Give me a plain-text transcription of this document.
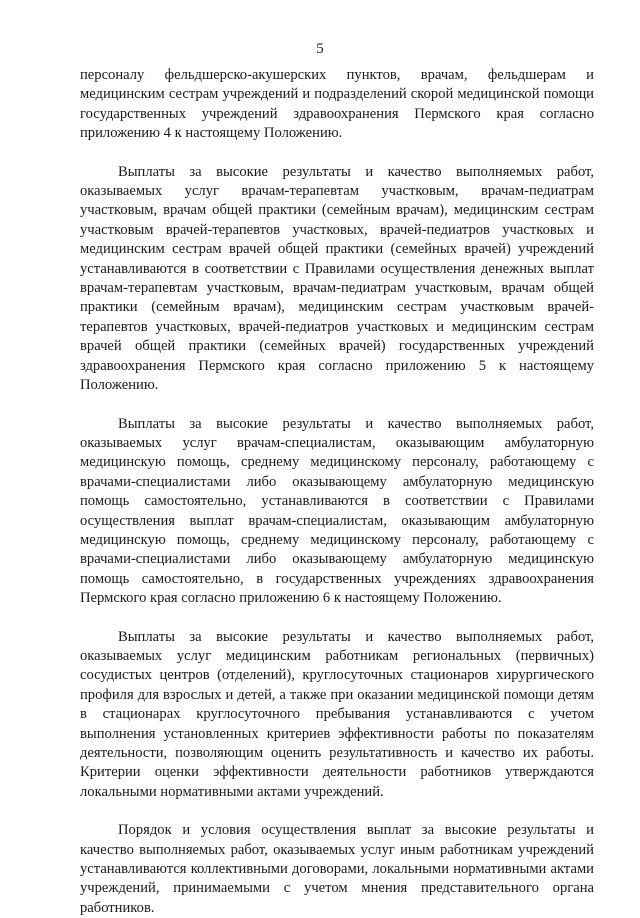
5

персоналу фельдшерско-акушерских пунктов, врачам, фельдшерам и медицинским сестрам учреждений и подразделений скорой медицинской помощи государственных учреждений здравоохранения Пермского края согласно приложению 4 к настоящему Положению.

Выплаты за высокие результаты и качество выполняемых работ, оказываемых услуг врачам-терапевтам участковым, врачам-педиатрам участковым, врачам общей практики (семейным врачам), медицинским сестрам участковым врачей-терапевтов участковых, врачей-педиатров участковых и медицинским сестрам врачей общей практики (семейных врачей) учреждений устанавливаются в соответствии с Правилами осуществления денежных выплат врачам-терапевтам участковым, врачам-педиатрам участковым, врачам общей практики (семейным врачам), медицинским сестрам участковым врачей-терапевтов участковых, врачей-педиатров участковых и медицинским сестрам врачей общей практики (семейных врачей) государственных учреждений здравоохранения Пермского края согласно приложению 5 к настоящему Положению.

Выплаты за высокие результаты и качество выполняемых работ, оказываемых услуг врачам-специалистам, оказывающим амбулаторную медицинскую помощь, среднему медицинскому персоналу, работающему с врачами-специалистами либо оказывающему амбулаторную медицинскую помощь самостоятельно, устанавливаются в соответствии с Правилами осуществления выплат врачам-специалистам, оказывающим амбулаторную медицинскую помощь, среднему медицинскому персоналу, работающему с врачами-специалистами либо оказывающему амбулаторную медицинскую помощь самостоятельно, в государственных учреждениях здравоохранения Пермского края согласно приложению 6 к настоящему Положению.

Выплаты за высокие результаты и качество выполняемых работ, оказываемых услуг медицинским работникам региональных (первичных) сосудистых центров (отделений), круглосуточных стационаров хирургического профиля для взрослых и детей, а также при оказании медицинской помощи детям в стационарах круглосуточного пребывания устанавливаются с учетом выполнения установленных критериев эффективности работы по показателям деятельности, позволяющим оценить результативность и качество их работы. Критерии оценки эффективности деятельности работников утверждаются локальными нормативными актами учреждений.

Порядок и условия осуществления выплат за высокие результаты и качество выполняемых работ, оказываемых услуг иным работникам учреждений устанавливаются коллективными договорами, локальными нормативными актами учреждений, принимаемыми с учетом мнения представительного органа работников.
